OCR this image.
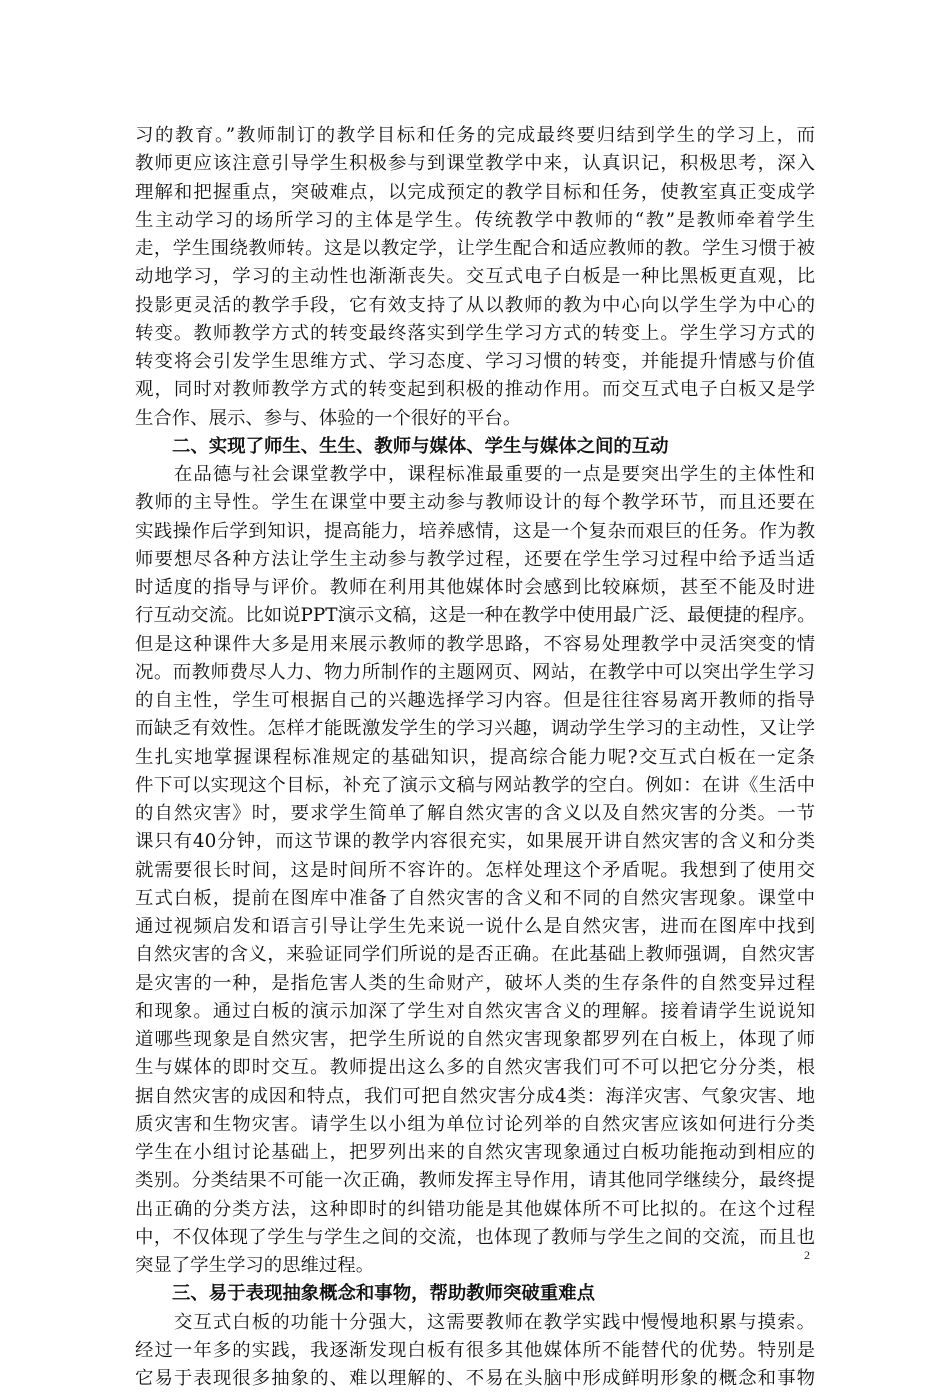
习的教育。”教师制订的教学目标和任务的完成最终要归结到学生的学习上，而
教师更应该注意引导学生积极参与到课堂教学中来，认真识记，积极思考，深入
理解和把握重点，突破难点，以完成预定的教学目标和任务，使教室真正变成学
生主动学习的场所学习的主体是学生。传统教学中教师的“教”是教师牵着学生
走，学生围绕教师转。这是以教定学，让学生配合和适应教师的教。学生习惯于被
动地学习，学习的主动性也渐渐丧失。交互式电子白板是一种比黑板更直观，比
投影更灵活的教学手段，它有效支持了从以教师的教为中心向以学生学为中心的
转变。教师教学方式的转变最终落实到学生学习方式的转变上。学生学习方式的
转变将会引发学生思维方式、学习态度、学习习惯的转变，并能提升情感与价值
观，同时对教师教学方式的转变起到积极的推动作用。而交互式电子白板又是学
生合作、展示、参与、体验的一个很好的平台。
二、实现了师生、生生、教师与媒体、学生与媒体之间的互动
　　在品德与社会课堂教学中，课程标准最重要的一点是要突出学生的主体性和
教师的主导性。学生在课堂中要主动参与教师设计的每个教学环节，而且还要在
实践操作后学到知识，提高能力，培养感情，这是一个复杂而艰巨的任务。作为教
师要想尽各种方法让学生主动参与教学过程，还要在学生学习过程中给予适当适
时适度的指导与评价。教师在利用其他媒体时会感到比较麻烦，甚至不能及时进
行互动交流。比如说PPT演示文稿，这是一种在教学中使用最广泛、最便捷的程序。
但是这种课件大多是用来展示教师的教学思路，不容易处理教学中灵活突变的情
况。而教师费尽人力、物力所制作的主题网页、网站，在教学中可以突出学生学习
的自主性，学生可根据自己的兴趣选择学习内容。但是往往容易离开教师的指导
而缺乏有效性。怎样才能既激发学生的学习兴趣，调动学生学习的主动性，又让学
生扎实地掌握课程标准规定的基础知识，提高综合能力呢?交互式白板在一定条
件下可以实现这个目标，补充了演示文稿与网站教学的空白。例如：在讲《生活中
的自然灾害》时，要求学生简单了解自然灾害的含义以及自然灾害的分类。一节
课只有40分钟，而这节课的教学内容很充实，如果展开讲自然灾害的含义和分类
就需要很长时间，这是时间所不容许的。怎样处理这个矛盾呢。我想到了使用交
互式白板，提前在图库中准备了自然灾害的含义和不同的自然灾害现象。课堂中
通过视频启发和语言引导让学生先来说一说什么是自然灾害，进而在图库中找到
自然灾害的含义，来验证同学们所说的是否正确。在此基础上教师强调，自然灾害
是灾害的一种，是指危害人类的生命财产，破坏人类的生存条件的自然变异过程
和现象。通过白板的演示加深了学生对自然灾害含义的理解。接着请学生说说知
道哪些现象是自然灾害，把学生所说的自然灾害现象都罗列在白板上，体现了师
生与媒体的即时交互。教师提出这么多的自然灾害我们可不可以把它分分类，根
据自然灾害的成因和特点，我们可把自然灾害分成4类：海洋灾害、气象灾害、地
质灾害和生物灾害。请学生以小组为单位讨论列举的自然灾害应该如何进行分类
学生在小组讨论基础上，把罗列出来的自然灾害现象通过白板功能拖动到相应的
类别。分类结果不可能一次正确，教师发挥主导作用，请其他同学继续分，最终提
出正确的分类方法，这种即时的纠错功能是其他媒体所不可比拟的。在这个过程
中，不仅体现了学生与学生之间的交流，也体现了教师与学生之间的交流，而且也
突显了学生学习的思维过程。
三、易于表现抽象概念和事物，帮助教师突破重难点
　　交互式白板的功能十分强大，这需要教师在教学实践中慢慢地积累与摸索。
经过一年多的实践，我逐渐发现白板有很多其他媒体所不能替代的优势。特别是
它易于表现很多抽象的、难以理解的、不易在头脑中形成鲜明形象的概念和事物
2
